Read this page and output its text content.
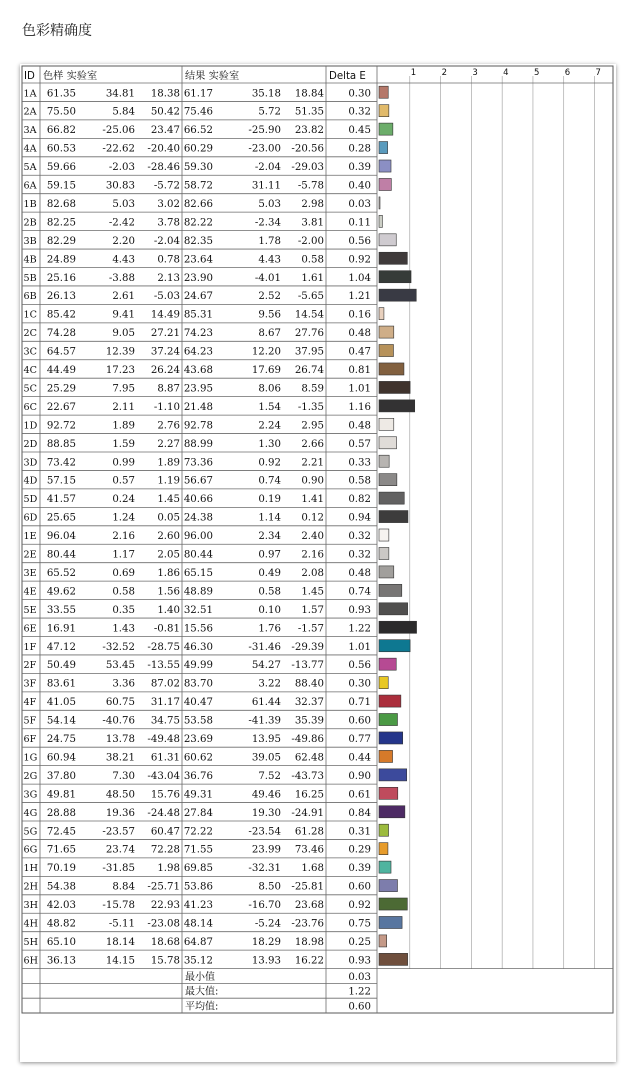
色彩精确度
1	2	3	4	5	6	7
ID 色样 实验室	结果 实验室	Delta E
1A 61.35	34.81 18.38 61.17	35.18 18.84 0.30
2A 75.50	5.84 50.42 75.46	5.72 51.35 0.32
3A 66.82	-25.06 23.47 66.52	-25.90 23.82 0.45
4A 60.53	-22.62 -20.40 60.29	-23.00 -20.56 0.28
5A 59.66	-2.03 -28.46 59.30	-2.04 -29.03 0.39
6A 59.15	30.83 -5.72 58.72	31.11 -5.78 0.40
1B 82.68	5.03 3.02 82.66	5.03 2.98 0.03
2B 82.25	-2.42 3.78 82.22	-2.34 3.81 0.11
3B 82.29	2.20 -2.04 82.35	1.78 -2.00 0.56
4B 24.89	4.43 0.78 23.64	4.43 0.58 0.92
5B 25.16	-3.88 2.13 23.90	-4.01 1.61 1.04
6B 26.13	2.61 -5.03 24.67	2.52 -5.65 1.21
1C 85.42	9.41 14.49 85.31	9.56 14.54 0.16
2C 74.28	9.05 27.21 74.23	8.67 27.76 0.48
3C 64.57	12.39 37.24 64.23	12.20 37.95 0.47
4C 44.49	17.23 26.24 43.68	17.69 26.74 0.81
5C 25.29	7.95 8.87 23.95	8.06 8.59 1.01
6C 22.67	2.11 -1.10 21.48	1.54 -1.35 1.16
1D 92.72	1.89 2.76 92.78	2.24 2.95 0.48
2D 88.85	1.59 2.27 88.99	1.30 2.66 0.57
3D 73.42	0.99 1.89 73.36	0.92 2.21 0.33
4D 57.15	0.57 1.19 56.67	0.74 0.90 0.58
5D 41.57	0.24 1.45 40.66	0.19 1.41 0.82
6D 25.65	1.24 0.05 24.38	1.14 0.12 0.94
1E 96.04	2.16 2.60 96.00	2.34 2.40 0.32
2E 80.44	1.17 2.05 80.44	0.97 2.16 0.32
3E 65.52	0.69 1.86 65.15	0.49 2.08 0.48
4E 49.62	0.58 1.56 48.89	0.58 1.45 0.74
5E 33.55	0.35 1.40 32.51	0.10 1.57 0.93
6E 16.91	1.43 -0.81 15.56	1.76 -1.57 1.22
1F 47.12	-32.52 -28.75 46.30	-31.46 -29.39 1.01
2F 50.49	53.45 -13.55 49.99	54.27 -13.77 0.56
3F 83.61	3.36 87.02 83.70	3.22 88.40 0.30
4F 41.05	60.75 31.17 40.47	61.44 32.37 0.71
5F 54.14	-40.76 34.75 53.58	-41.39 35.39 0.60
6F 24.75	13.78 -49.48 23.69	13.95 -49.86 0.77
1G 60.94	38.21 61.31 60.62	39.05 62.48 0.44
2G 37.80	7.30 -43.04 36.76	7.52 -43.73 0.90
3G 49.81	48.50 15.76 49.31	49.46 16.25 0.61
4G 28.88	19.36 -24.48 27.84	19.30 -24.91 0.84
5G 72.45	-23.57 60.47 72.22	-23.54 61.28 0.31
6G 71.65	23.74 72.28 71.55	23.99 73.46 0.29
1H 70.19	-31.85 1.98 69.85	-32.31 1.68 0.39
2H 54.38	8.84 -25.71 53.86	8.50 -25.81 0.60
3H 42.03	-15.78 22.93 41.23	-16.70 23.68 0.92
4H 48.82	-5.11 -23.08 48.14	-5.24 -23.76 0.75
5H 65.10	18.14 18.68 64.87	18.29 18.98 0.25
6H 36.13	14.15 15.78 35.12	13.93 16.22 0.93
最小值	0.03
最大值:	1.22
平均值:	0.60
